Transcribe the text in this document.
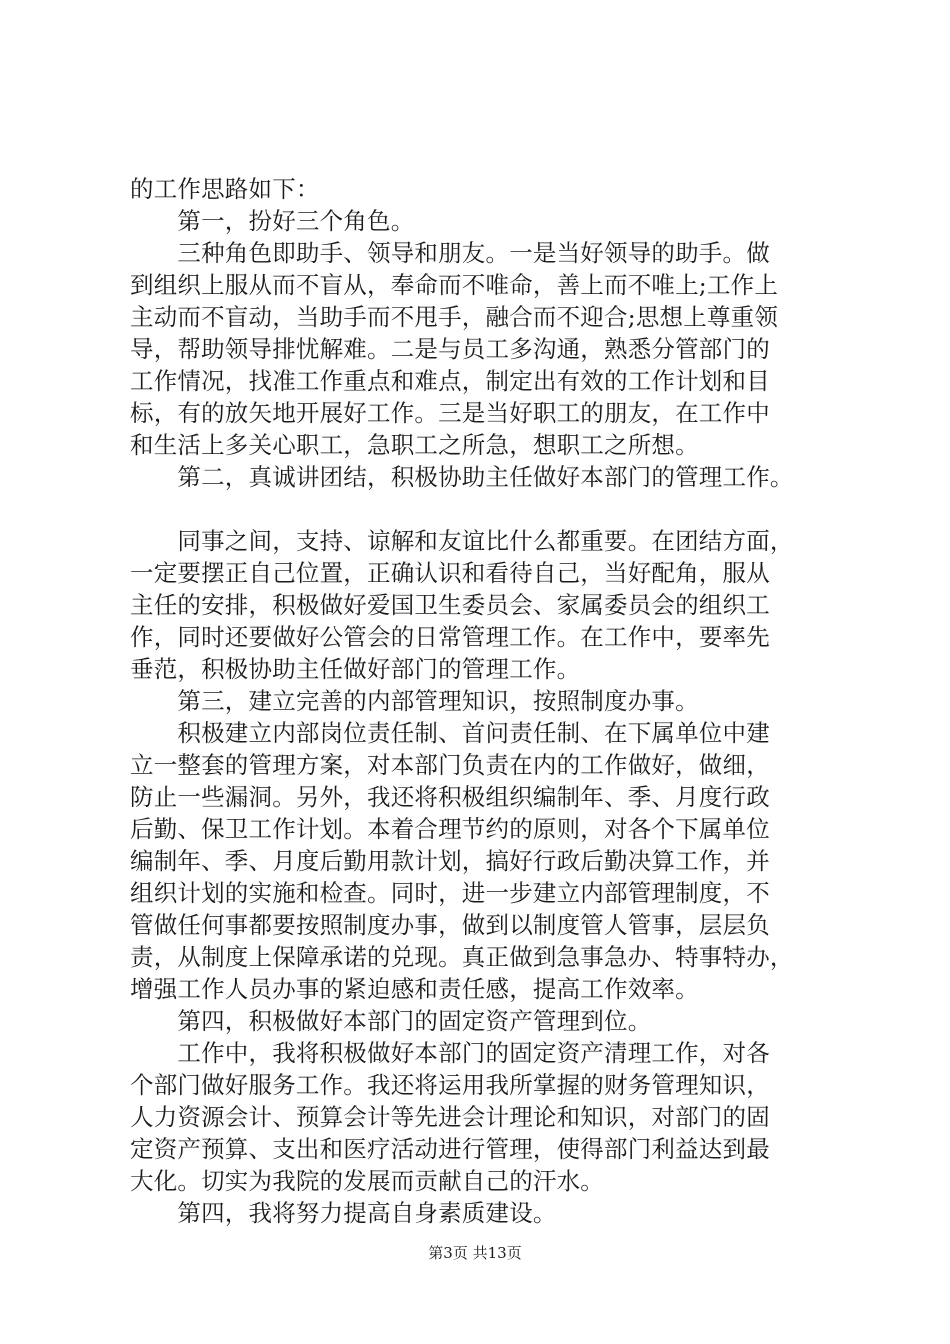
的工作思路如下：
　　第一，扮好三个角色。
　　三种角色即助手、领导和朋友。一是当好领导的助手。做
到组织上服从而不盲从，奉命而不唯命，善上而不唯上;工作上
主动而不盲动，当助手而不甩手，融合而不迎合;思想上尊重领
导，帮助领导排忧解难。二是与员工多沟通，熟悉分管部门的
工作情况，找准工作重点和难点，制定出有效的工作计划和目
标，有的放矢地开展好工作。三是当好职工的朋友，在工作中
和生活上多关心职工，急职工之所急，想职工之所想。
　　第二，真诚讲团结，积极协助主任做好本部门的管理工作。
　　同事之间，支持、谅解和友谊比什么都重要。在团结方面，
一定要摆正自己位置，正确认识和看待自己，当好配角，服从
主任的安排，积极做好爱国卫生委员会、家属委员会的组织工
作，同时还要做好公管会的日常管理工作。在工作中，要率先
垂范，积极协助主任做好部门的管理工作。
　　第三，建立完善的内部管理知识，按照制度办事。
　　积极建立内部岗位责任制、首问责任制、在下属单位中建
立一整套的管理方案，对本部门负责在内的工作做好，做细，
防止一些漏洞。另外，我还将积极组织编制年、季、月度行政
后勤、保卫工作计划。本着合理节约的原则，对各个下属单位
编制年、季、月度后勤用款计划，搞好行政后勤决算工作，并
组织计划的实施和检查。同时，进一步建立内部管理制度，不
管做任何事都要按照制度办事，做到以制度管人管事，层层负
责，从制度上保障承诺的兑现。真正做到急事急办、特事特办，
增强工作人员办事的紧迫感和责任感，提高工作效率。
　　第四，积极做好本部门的固定资产管理到位。
　　工作中，我将积极做好本部门的固定资产清理工作，对各
个部门做好服务工作。我还将运用我所掌握的财务管理知识，
人力资源会计、预算会计等先进会计理论和知识，对部门的固
定资产预算、支出和医疗活动进行管理，使得部门利益达到最
大化。切实为我院的发展而贡献自己的汗水。
　　第四，我将努力提高自身素质建设。
第3页 共13页
